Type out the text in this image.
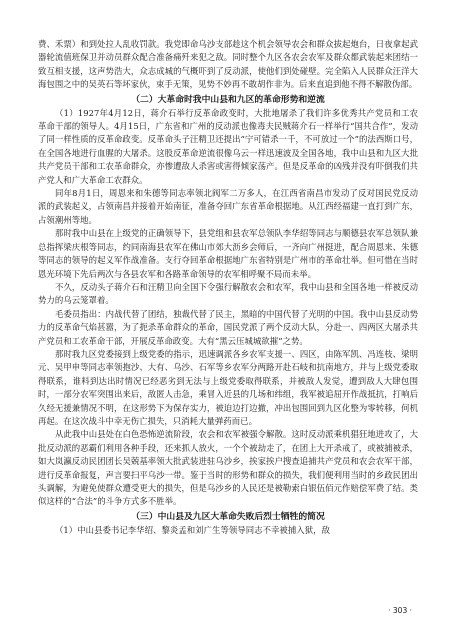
费、禾票）和到处拉人乱收罚款。我党即命乌沙支部趁这个机会领导农会和群众拔起炮台，日夜拿起武器轮流值班保卫并动员群众配合准备痛歼来犯之敌。同时整个九区各农会农军及群众都武装起来团结一致互相支援，这声势浩大，众志成城的气概吓到了反动派，使他们到处碰壁。完全陷入人民群众汪洋大海包围之中的吴英石等坏家伙，束手无策，见势不妙再不敢胡作非为。后来直追到他不得不解散伪部。

（二）大革命时我中山县和九区的革命形势和逆流

（1）1927年4月12日，蒋介石举行反革命政变时，大批地屠杀了我们许多优秀共产党员和工农革命干部的领导人。4月15日，广东省和广州的反动派也像毒夫民贼蒋介石一样举行“国共合作”，发动了同一样性质的反革命政变。反革命头子汪精卫还提出“宁可错杀一千，不可放过一个”的法西斯口号，在全国各地进行血腥的大屠杀。这股反革命逆流很像乌云一样迅速波及全国各地，我中山县和九区大批共产党员干部和工农革命群众，亦惨遭敌人杀害或害得倾家荡产。但是反革命的凶残并没有吓倒我们共产党人和广大革命工农群众。

同年8月1日，周恩来和朱德等同志率领北阀军二万多人，在江西省南昌市发动了反对国民党反动派的武装起义，占领南昌并接着开始南征，准备夺回广东省革命根据地。从江西经福建一直打到广东，占领潮州等地。

那时我中山县在上级党的正确领导下，县党组和县农军总领队李华绍等同志与顺德县农军总领队兼总指挥梁庆根等同志，约同南海县农军在佛山市郊大沥乡会师后，一齐向广州挺进，配合周恩来、朱德等同志的领导的起义军作战准备。支行夺回革命根据地广东省特别是广州市的革命壮举。但可惜在当时恩光环境下先后两次与各县农军和各路革命领导的农军相呼聚不局而未举。

不久，反动头子蒋介石和汪精卫向全国下令强行解散农会和农军，我中山县和全国各地一样被反动势力的乌云笼罩着。

毛委员指出：内战代替了团结，独裁代替了民主，黑暗的中国代替了光明的中国。我中山县反动势力的反革命气焰甚嚣，为了扼杀革命群众的革命，国民党派了两个反动大队，分赴一、四两区大屠杀共产党员和工农革命干部，开展反革命政变。大有“黑云压城城欲摧”之势。

那时我九区党委接到上级党委的指示，迅速调派各乡农军支援一、四区，由陈军凯、冯连枝、梁明元、吴甲申等同志率领抱沙、大有、乌沙、石军等乡农军分两路开赴石岐和抗南地方，并与上级党委取得联系，谁料到达出时情况已经恶劣到无法与上级党委取得联系，并被敌人发觉，遭到敌人大肆包围时，一部分农军突围出来后，敌匿人击急，乘冒入近县的几场和纬组，我军被追屈开作战抵抗，打响后久经无援兼情况不明，在这形势下为保存实力，被迫边打边撤，冲出包围回到九区化整为零转移，何机再起。在这次战斗中幸无伤亡损失，只消耗大量弹药而已。

从此我中山县处在白色恐怖逆流阶段，农会和农军被强令解散。这时反动派乘机猖狂地进攻了，大批反动派的恶霸们利用各种手段，还来抓人放火，一个个被劫走了，在团上大开杀戒了，或被捕被杀，如大岚瀛反动民团团长吴兢基率领大批武装进驻乌沙乡，挨家挨户搜查追捕共产党员和农会农军干部，进行反革命报复，声言要扫平乌沙一带。鉴于当时的形势和群众的损失，我们便利用当时的乡政民团出头调解，为避免使群众遭受更大的损失，但是乌沙乡的人民还是被勒索白银伍佰元作赔偿军费了结。类似这样的“合法”的斗争方式多不胜举。

（三）中山县及九区大革命失败后烈士牺牲的简况

（1）中山县委书记李华绍、黎炎孟和刘广生等领导同志不幸被捕入狱，敌

· 303 ·
